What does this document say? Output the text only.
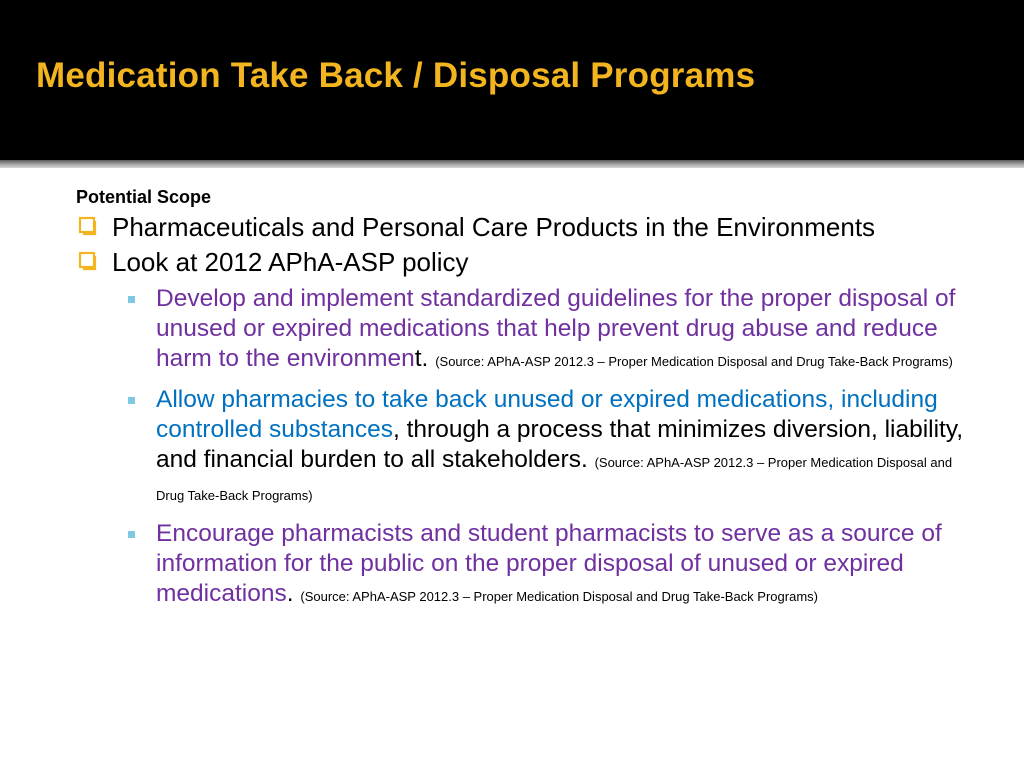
Medication Take Back / Disposal Programs
Potential Scope
Pharmaceuticals and Personal Care Products in the Environments
Look at 2012 APhA-ASP policy
Develop and implement standardized guidelines for the proper disposal of unused or expired medications that help prevent drug abuse and reduce harm to the environment. (Source: APhA-ASP 2012.3 – Proper Medication Disposal and Drug Take-Back Programs)
Allow pharmacies to take back unused or expired medications, including controlled substances, through a process that minimizes diversion, liability, and financial burden to all stakeholders. (Source: APhA-ASP 2012.3 – Proper Medication Disposal and Drug Take-Back Programs)
Encourage pharmacists and student pharmacists to serve as a source of information for the public on the proper disposal of unused or expired medications. (Source: APhA-ASP 2012.3 – Proper Medication Disposal and Drug Take-Back Programs)
